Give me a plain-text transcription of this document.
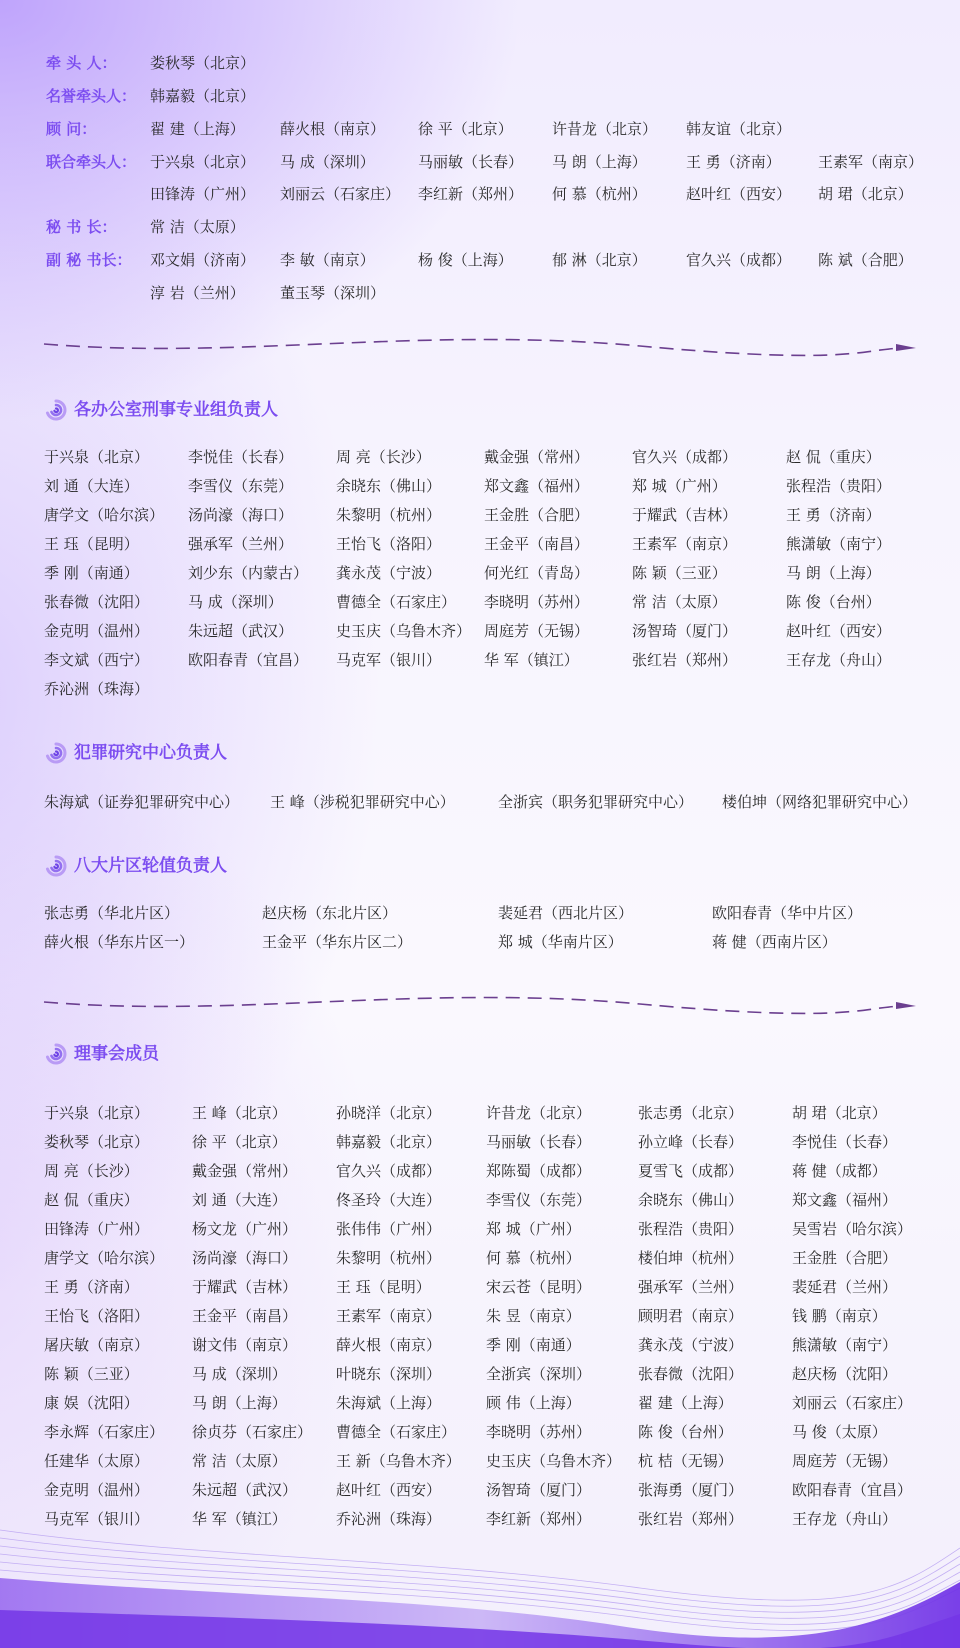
牵 头 人： 娄秋琴（北京）
名誉牵头人： 韩嘉毅（北京）
顾 问：	翟 建（上海） 薛火根（南京） 徐 平（北京）	许昔龙（北京） 韩友谊（北京）
联合牵头人： 于兴泉（北京） 马 成（深圳）	马丽敏（长春） 马 朗（上海）	王 勇（济南） 王素军（南京）
田锋涛（广州） 刘丽云（石家庄） 李红新（郑州） 何 慕（杭州）	赵叶红（西安） 胡 珺（北京）
秘 书 长： 常 洁（太原）
副 秘 书长： 邓文娟（济南） 李 敏（南京）	杨 俊（上海）	郁 淋（北京）	官久兴（成都） 陈 斌（合肥）
淳 岩（兰州） 董玉琴（深圳）
各办公室刑事专业组负责人
于兴泉（北京）	李悦佳（长春）	周 亮（长沙）	戴金强（常州）	官久兴（成都）	赵 侃（重庆）
刘 通（大连）	李雪仪（东莞）	余晓东（佛山）	郑文鑫（福州）	郑 城（广州）	张程浩（贵阳）
唐学文（哈尔滨） 汤尚濠（海口）	朱黎明（杭州）	王金胜（合肥）	于耀武（吉林）	王 勇（济南）
王 珏（昆明）	强承军（兰州）	王怡飞（洛阳）	王金平（南昌）	王素军（南京）	熊潇敏（南宁）
季 刚（南通）	刘少东（内蒙古） 龚永茂（宁波）	何光红（青岛）	陈 颖（三亚）	马 朗（上海）
张春微（沈阳）	马 成（深圳）	曹德全（石家庄） 李晓明（苏州）	常 洁（太原）	陈 俊（台州）
金克明（温州）	朱远超（武汉）	史玉庆（乌鲁木齐） 周庭芳（无锡）	汤智琦（厦门）	赵叶红（西安）
李文斌（西宁）	欧阳春青（宜昌） 马克军（银川）	华 军（镇江）	张红岩（郑州）	王存龙（舟山）
乔沁洲（珠海）
犯罪研究中心负责人
朱海斌（证券犯罪研究中心） 王 峰（涉税犯罪研究中心）	全浙宾（职务犯罪研究中心） 楼伯坤（网络犯罪研究中心）
八大片区轮值负责人
张志勇（华北片区）	赵庆杨（东北片区）	裴延君（西北片区）	欧阳春青（华中片区）
薛火根（华东片区一）	王金平（华东片区二）	郑 城（华南片区）	蒋 健（西南片区）
理事会成员
于兴泉（北京）	王 峰（北京）	孙晓洋（北京）	许昔龙（北京）	张志勇（北京）	胡 珺（北京）
娄秋琴（北京）	徐 平（北京）	韩嘉毅（北京）	马丽敏（长春）	孙立峰（长春）	李悦佳（长春）
周 亮（长沙）	戴金强（常州）	官久兴（成都）	郑陈蜀（成都）	夏雪飞（成都）	蒋 健（成都）
赵 侃（重庆）	刘 通（大连）	佟圣玲（大连）	李雪仪（东莞）	余晓东（佛山）	郑文鑫（福州）
田锋涛（广州）	杨文龙（广州）	张伟伟（广州）	郑 城（广州）	张程浩（贵阳）	吴雪岩（哈尔滨）
唐学文（哈尔滨） 汤尚濠（海口）	朱黎明（杭州）	何 慕（杭州）	楼伯坤（杭州）	王金胜（合肥）
王 勇（济南）	于耀武（吉林）	王 珏（昆明）	宋云苍（昆明）	强承军（兰州）	裴延君（兰州）
王怡飞（洛阳）	王金平（南昌）	王素军（南京）	朱 昱（南京）	顾明君（南京）	钱 鹏（南京）
屠庆敏（南京）	谢文伟（南京）	薛火根（南京）	季 刚（南通）	龚永茂（宁波）	熊潇敏（南宁）
陈 颖（三亚）	马 成（深圳）	叶晓东（深圳）	全浙宾（深圳）	张春微（沈阳）	赵庆杨（沈阳）
康 娱（沈阳）	马 朗（上海）	朱海斌（上海）	顾 伟（上海）	翟 建（上海）	刘丽云（石家庄）
李永辉（石家庄） 徐贞芬（石家庄） 曹德全（石家庄） 李晓明（苏州）	陈 俊（台州）	马 俊（太原）
任建华（太原）	常 洁（太原）	王 新（乌鲁木齐） 史玉庆（乌鲁木齐） 杭 桔（无锡）	周庭芳（无锡）
金克明（温州）	朱远超（武汉）	赵叶红（西安）	汤智琦（厦门）	张海勇（厦门）	欧阳春青（宜昌）
马克军（银川）	华 军（镇江）	乔沁洲（珠海）	李红新（郑州）	张红岩（郑州）	王存龙（舟山）
